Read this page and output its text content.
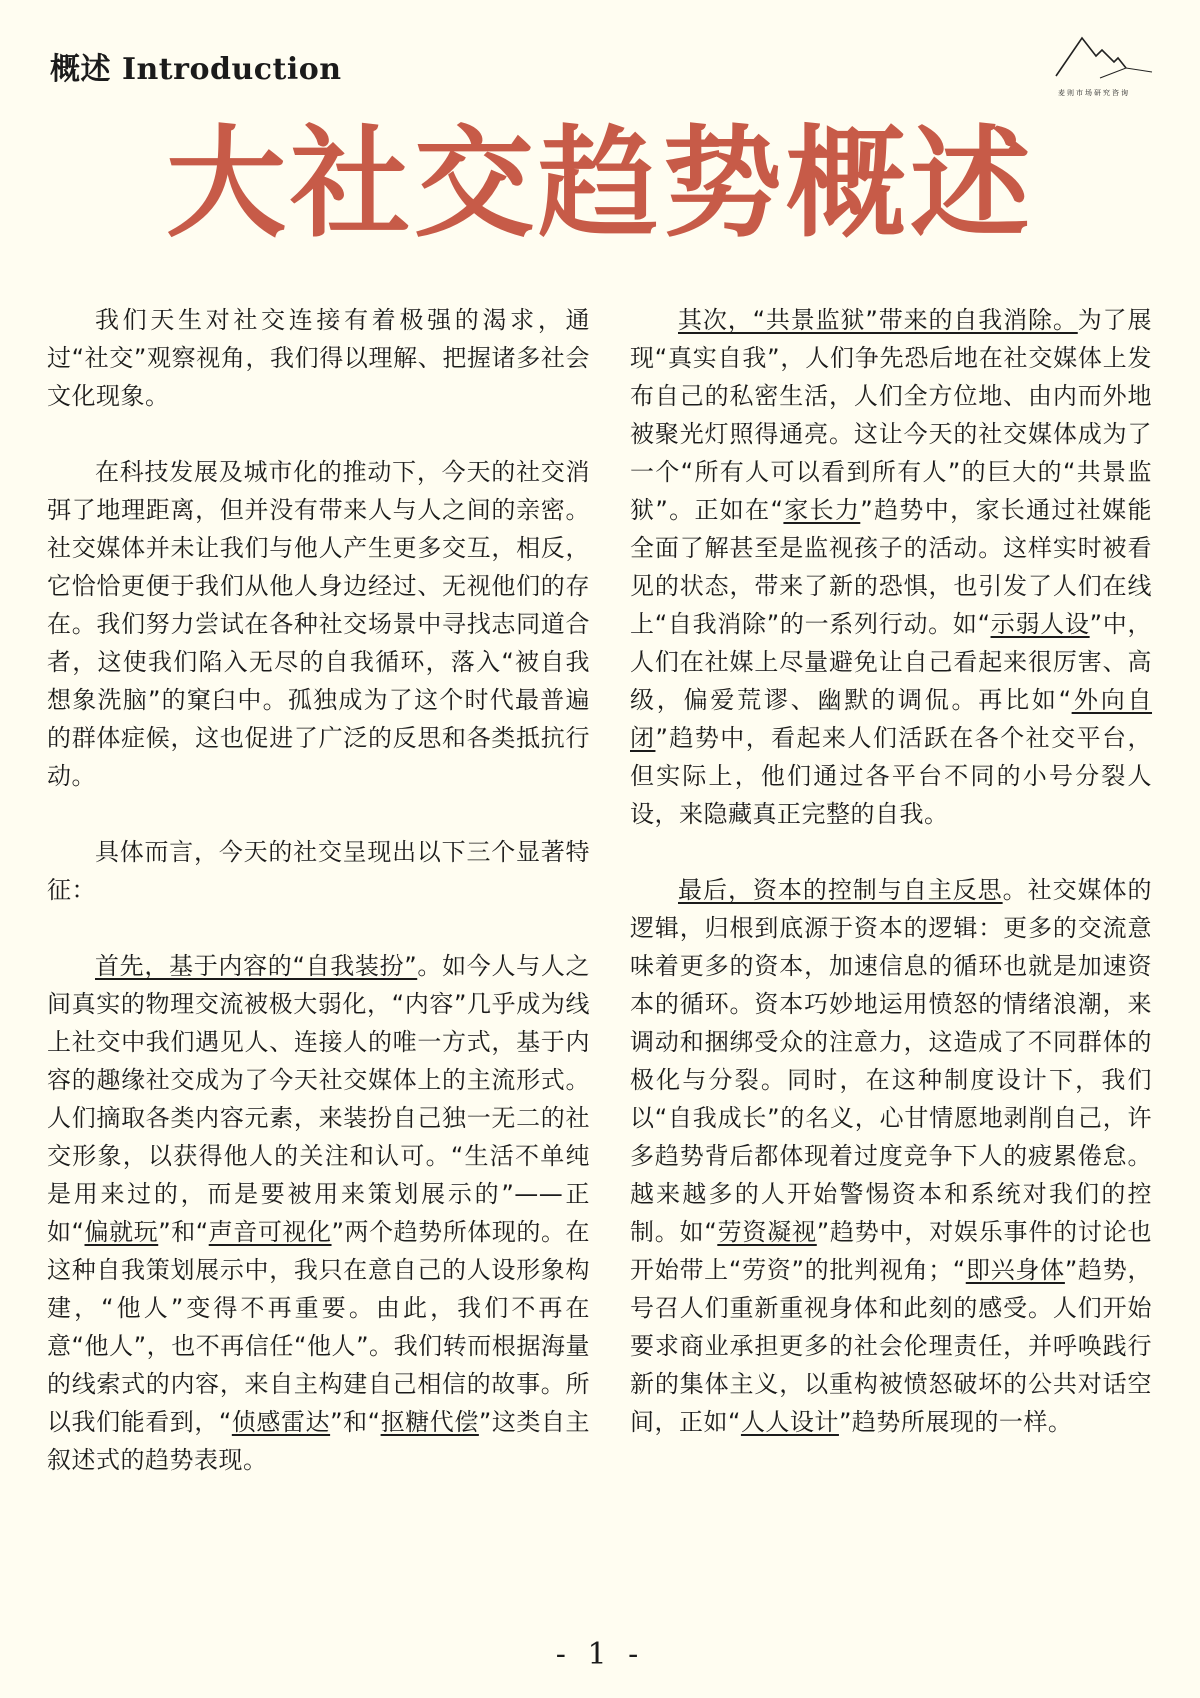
概述 Introduction
麦则市场研究咨询
大社交趋势概述

我们天生对社交连接有着极强的渴求，通过“社交”观察视角，我们得以理解、把握诸多社会文化现象。

在科技发展及城市化的推动下，今天的社交消弭了地理距离，但并没有带来人与人之间的亲密。社交媒体并未让我们与他人产生更多交互，相反，它恰恰更便于我们从他人身边经过、无视他们的存在。我们努力尝试在各种社交场景中寻找志同道合者，这使我们陷入无尽的自我循环，落入“被自我想象洗脑”的窠臼中。孤独成为了这个时代最普遍的群体症候，这也促进了广泛的反思和各类抵抗行动。

具体而言，今天的社交呈现出以下三个显著特征：

首先，基于内容的“自我装扮”。如今人与人之间真实的物理交流被极大弱化，“内容”几乎成为线上社交中我们遇见人、连接人的唯一方式，基于内容的趣缘社交成为了今天社交媒体上的主流形式。人们摘取各类内容元素，来装扮自己独一无二的社交形象，以获得他人的关注和认可。“生活不单纯是用来过的，而是要被用来策划展示的”——正如“偏就玩”和“声音可视化”两个趋势所体现的。在这种自我策划展示中，我只在意自己的人设形象构建，“他人”变得不再重要。由此，我们不再在意“他人”，也不再信任“他人”。我们转而根据海量的线索式的内容，来自主构建自己相信的故事。所以我们能看到，“侦感雷达”和“抠糖代偿”这类自主叙述式的趋势表现。

其次，“共景监狱”带来的自我消除。为了展现“真实自我”，人们争先恐后地在社交媒体上发布自己的私密生活，人们全方位地、由内而外地被聚光灯照得通亮。这让今天的社交媒体成为了一个“所有人可以看到所有人”的巨大的“共景监狱”。正如在“家长力”趋势中，家长通过社媒能全面了解甚至是监视孩子的活动。这样实时被看见的状态，带来了新的恐惧，也引发了人们在线上“自我消除”的一系列行动。如“示弱人设”中，人们在社媒上尽量避免让自己看起来很厉害、高级，偏爱荒谬、幽默的调侃。再比如“外向自闭”趋势中，看起来人们活跃在各个社交平台，但实际上，他们通过各平台不同的小号分裂人设，来隐藏真正完整的自我。

最后，资本的控制与自主反思。社交媒体的逻辑，归根到底源于资本的逻辑：更多的交流意味着更多的资本，加速信息的循环也就是加速资本的循环。资本巧妙地运用愤怒的情绪浪潮，来调动和捆绑受众的注意力，这造成了不同群体的极化与分裂。同时，在这种制度设计下，我们以“自我成长”的名义，心甘情愿地剥削自己，许多趋势背后都体现着过度竞争下人的疲累倦怠。越来越多的人开始警惕资本和系统对我们的控制。如“劳资凝视”趋势中，对娱乐事件的讨论也开始带上“劳资”的批判视角；“即兴身体”趋势，号召人们重新重视身体和此刻的感受。人们开始要求商业承担更多的社会伦理责任，并呼唤践行新的集体主义，以重构被愤怒破坏的公共对话空间，正如“人人设计”趋势所展现的一样。

- 1 -
